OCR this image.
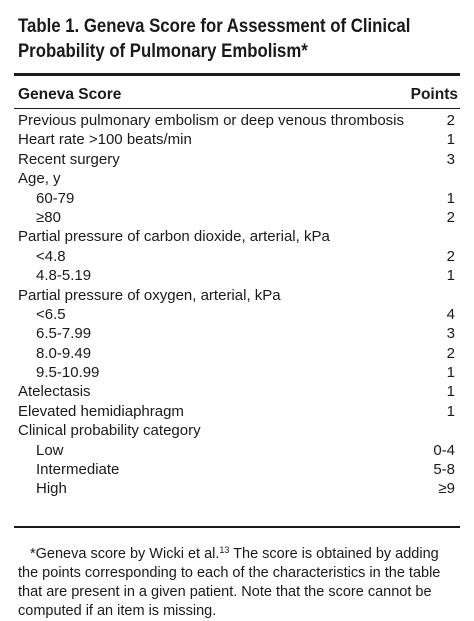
Table 1. Geneva Score for Assessment of Clinical
Probability of Pulmonary Embolism*
Geneva Score	Points
Previous pulmonary embolism or deep venous thrombosis	2
Heart rate >100 beats/min	1
Recent surgery	3
Age, y
60-79	1
≥80	2
Partial pressure of carbon dioxide, arterial, kPa
<4.8	2
4.8-5.19	1
Partial pressure of oxygen, arterial, kPa
<6.5	4
6.5-7.99	3
8.0-9.49	2
9.5-10.99	1
Atelectasis	1
Elevated hemidiaphragm	1
Clinical probability category
Low	0-4
Intermediate	5-8
High	≥9
*Geneva score by Wicki et al.$^{13}$ The score is obtained by adding the points corresponding to each of the characteristics in the table that are present in a given patient. Note that the score cannot be computed if an item is missing.
